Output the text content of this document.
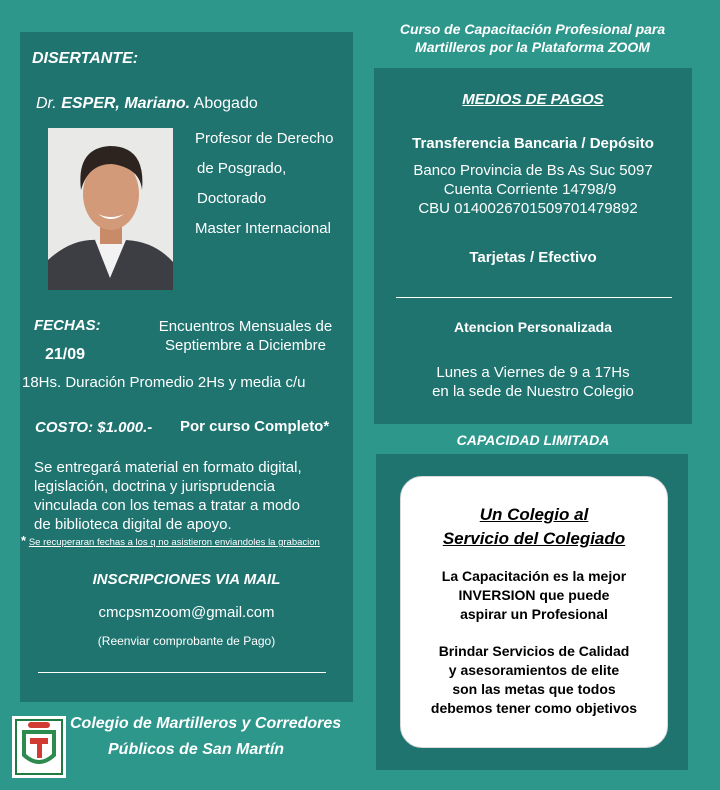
DISERTANTE:
Dr. ESPER, Mariano. Abogado
Profesor de Derecho
de Posgrado,
Doctorado
Master Internacional
FECHAS:	Encuentros Mensuales de
Septiembre a Diciembre
21/09
18Hs. Duración Promedio 2Hs y media c/u
COSTO: $1.000.- Por curso Completo*
Se entregará material en formato digital,
legislación, doctrina y jurisprudencia
vinculada con los temas a tratar a modo
de biblioteca digital de apoyo.
* Se recuperaran fechas a los q no asistieron enviandoles la grabacion
INSCRIPCIONES VIA MAIL
cmcpsmzoom@gmail.com
(Reenviar comprobante de Pago)
Curso de Capacitación Profesional para
Martilleros por la Plataforma ZOOM
MEDIOS DE PAGOS
Transferencia Bancaria / Depósito
Banco Provincia de Bs As Suc 5097
Cuenta Corriente 14798/9
CBU 0140026701509701479892
Tarjetas / Efectivo
Atencion Personalizada
Lunes a Viernes de 9 a 17Hs
en la sede de Nuestro Colegio
CAPACIDAD LIMITADA
Un Colegio al
Servicio del Colegiado
La Capacitación es la mejor
INVERSION que puede
aspirar un Profesional
Brindar Servicios de Calidad
y asesoramientos de elite
son las metas que todos
debemos tener como objetivos
Colegio de Martilleros y Corredores
Públicos de San Martín
